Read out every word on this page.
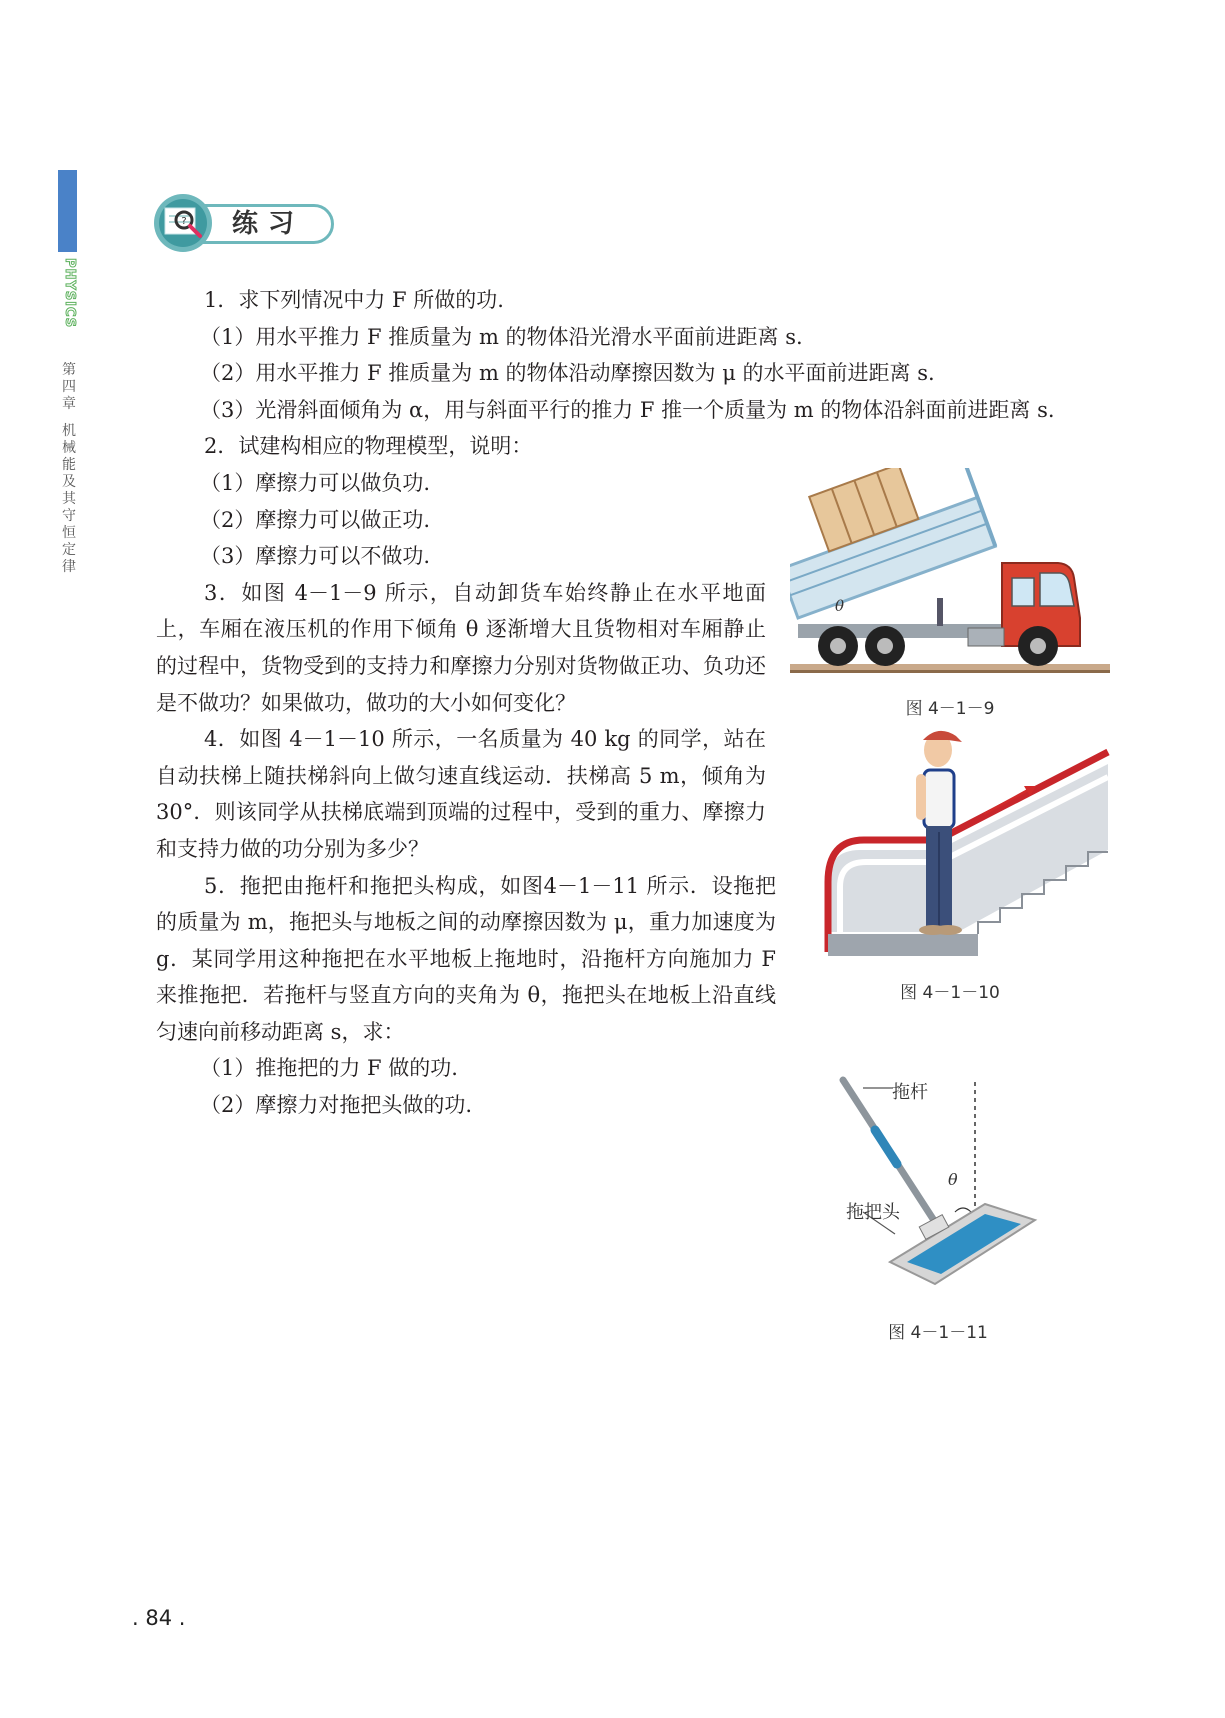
PHYSICS
第四章
机械能及其守恒定律
? 练习

1．求下列情况中力 F 所做的功.

（1）用水平推力 F 推质量为 m 的物体沿光滑水平面前进距离 s.

（2）用水平推力 F 推质量为 m 的物体沿动摩擦因数为 μ 的水平面前进距离 s.

（3）光滑斜面倾角为 α，用与斜面平行的推力 F 推一个质量为 m 的物体沿斜面前进距离 s.

2．试建构相应的物理模型，说明：

（1）摩擦力可以做负功.

（2）摩擦力可以做正功.

（3）摩擦力可以不做功.

3．如图 4－1－9 所示，自动卸货车始终静止在水平地面上，车厢在液压机的作用下倾角 θ 逐渐增大且货物相对车厢静止的过程中，货物受到的支持力和摩擦力分别对货物做正功、负功还是不做功？如果做功，做功的大小如何变化？

4．如图 4－1－10 所示，一名质量为 40 kg 的同学，站在自动扶梯上随扶梯斜向上做匀速直线运动．扶梯高 5 m，倾角为 30°．则该同学从扶梯底端到顶端的过程中，受到的重力、摩擦力和支持力做的功分别为多少？

5．拖把由拖杆和拖把头构成，如图4－1－11 所示．设拖把的质量为 m，拖把头与地板之间的动摩擦因数为 μ，重力加速度为 g．某同学用这种拖把在水平地板上拖地时，沿拖杆方向施加力 F 来推拖把．若拖杆与竖直方向的夹角为 θ，拖把头在地板上沿直线匀速向前移动距离 s，求：

（1）推拖把的力 F 做的功.

（2）摩擦力对拖把头做的功.

θ
图 4－1－9
图 4－1－10
拖杆
拖把头
θ
图 4－1－11
. 84 .
